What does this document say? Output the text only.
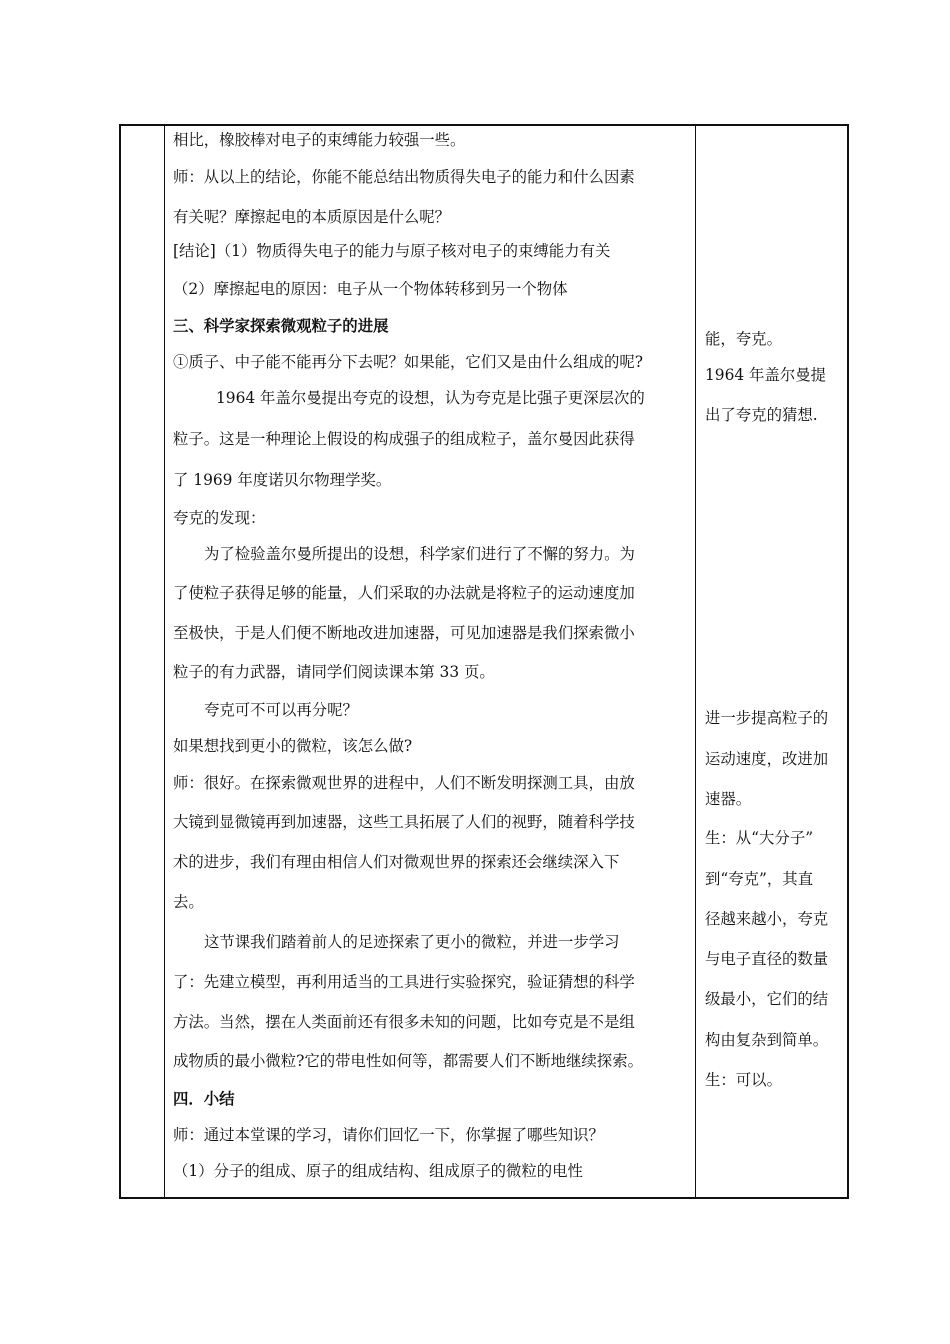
相比，橡胶棒对电子的束缚能力较强一些。
师：从以上的结论，你能不能总结出物质得失电子的能力和什么因素
有关呢？摩擦起电的本质原因是什么呢？
[结论]（1）物质得失电子的能力与原子核对电子的束缚能力有关
（2）摩擦起电的原因：电子从一个物体转移到另一个物体
三、科学家探索微观粒子的进展
①质子、中子能不能再分下去呢？如果能，它们又是由什么组成的呢?
1964 年盖尔曼提出夸克的设想，认为夸克是比强子更深层次的
粒子。这是一种理论上假设的构成强子的组成粒子，盖尔曼因此获得
了 1969 年度诺贝尔物理学奖。
夸克的发现：
为了检验盖尔曼所提出的设想，科学家们进行了不懈的努力。为
了使粒子获得足够的能量，人们采取的办法就是将粒子的运动速度加
至极快，于是人们便不断地改进加速器，可见加速器是我们探索微小
粒子的有力武器，请同学们阅读课本第 33 页。
夸克可不可以再分呢？
如果想找到更小的微粒，该怎么做?
师：很好。在探索微观世界的进程中，人们不断发明探测工具，由放
大镜到显微镜再到加速器，这些工具拓展了人们的视野，随着科学技
术的进步，我们有理由相信人们对微观世界的探索还会继续深入下
去。
这节课我们踏着前人的足迹探索了更小的微粒，并进一步学习
了：先建立模型，再利用适当的工具进行实验探究，验证猜想的科学
方法。当然，摆在人类面前还有很多未知的问题，比如夸克是不是组
成物质的最小微粒?它的带电性如何等，都需要人们不断地继续探索。
四．小结
师：通过本堂课的学习，请你们回忆一下，你掌握了哪些知识？
（1）分子的组成、原子的组成结构、组成原子的微粒的电性
能，夸克。
1964 年盖尔曼提
出了夸克的猜想.
进一步提高粒子的
运动速度，改进加
速器。
生：从“大分子”
到“夸克”，其直
径越来越小，夸克
与电子直径的数量
级最小，它们的结
构由复杂到简单。
生：可以。
